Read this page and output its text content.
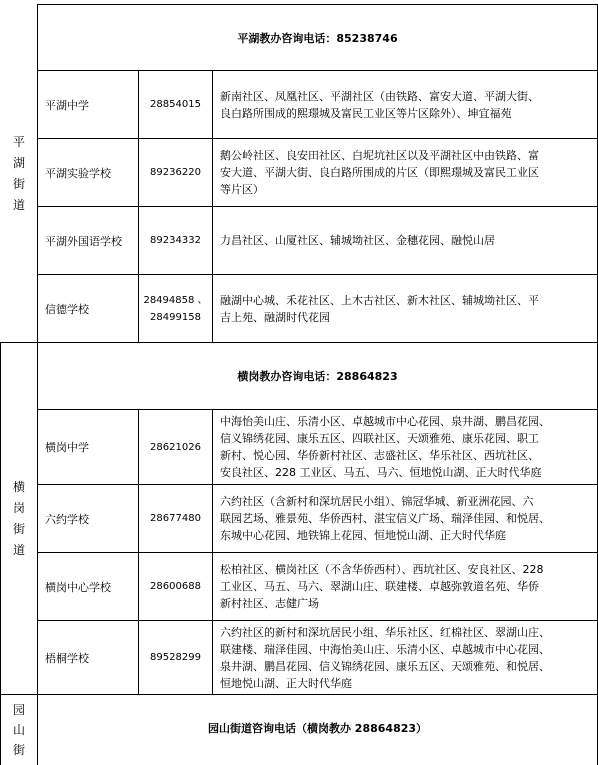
平
湖
街
道
平湖教办咨询电话：85238746
平湖中学	28854015
新南社区、凤凰社区、平湖社区（由铁路、富安大道、平湖大街、
良白路所围成的熙璟城及富民工业区等片区除外）、坤宜福苑
平湖实验学校	89236220
鹅公岭社区、良安田社区、白坭坑社区以及平湖社区中由铁路、富
安大道、平湖大街、良白路所围成的片区（即熙璟城及富民工业区
等片区）
平湖外国语学校	89234332 力昌社区、山厦社区、辅城坳社区、金穗花园、融悦山居
信德学校
28494858 、
28499158
融湖中心城、禾花社区、上木古社区、新木社区、辅城坳社区、平
吉上苑、融湖时代花园
横
岗
街
道
横岗教办咨询电话：28864823
横岗中学	28621026
中海怡美山庄、乐清小区、卓越城市中心花园、泉井湖、鹏昌花园、
信义锦绣花园、康乐五区、四联社区、天颂雅苑、康乐花园、职工
新村、悦心园、华侨新村社区、志盛社区、华乐社区、西坑社区、
安良社区、228 工业区、马五、马六、恒地悦山湖、正大时代华庭
六约学校	28677480
六约社区（含新村和深坑居民小组）、锦冠华城、新亚洲花园、六
联园艺场、雅景苑、华侨西村、湛宝信义广场、瑞泽佳园、和悦居、
东城中心花园、地铁锦上花园、恒地悦山湖、正大时代华庭
横岗中心学校	28600688
松柏社区、横岗社区（不含华侨西村）、西坑社区、安良社区、228
工业区、马五、马六、翠湖山庄、联建楼、卓越弥敦道名苑、华侨
新村社区、志健广场
梧桐学校	89528299
六约社区的新村和深坑居民小组、华乐社区、红棉社区、翠湖山庄、
联建楼、瑞泽佳园、中海怡美山庄、乐清小区、卓越城市中心花园、
泉井湖、鹏昌花园、信义锦绣花园、康乐五区、天颂雅苑、和悦居、
恒地悦山湖、正大时代华庭
园
山
街
园山街道咨询电话（横岗教办 28864823）
